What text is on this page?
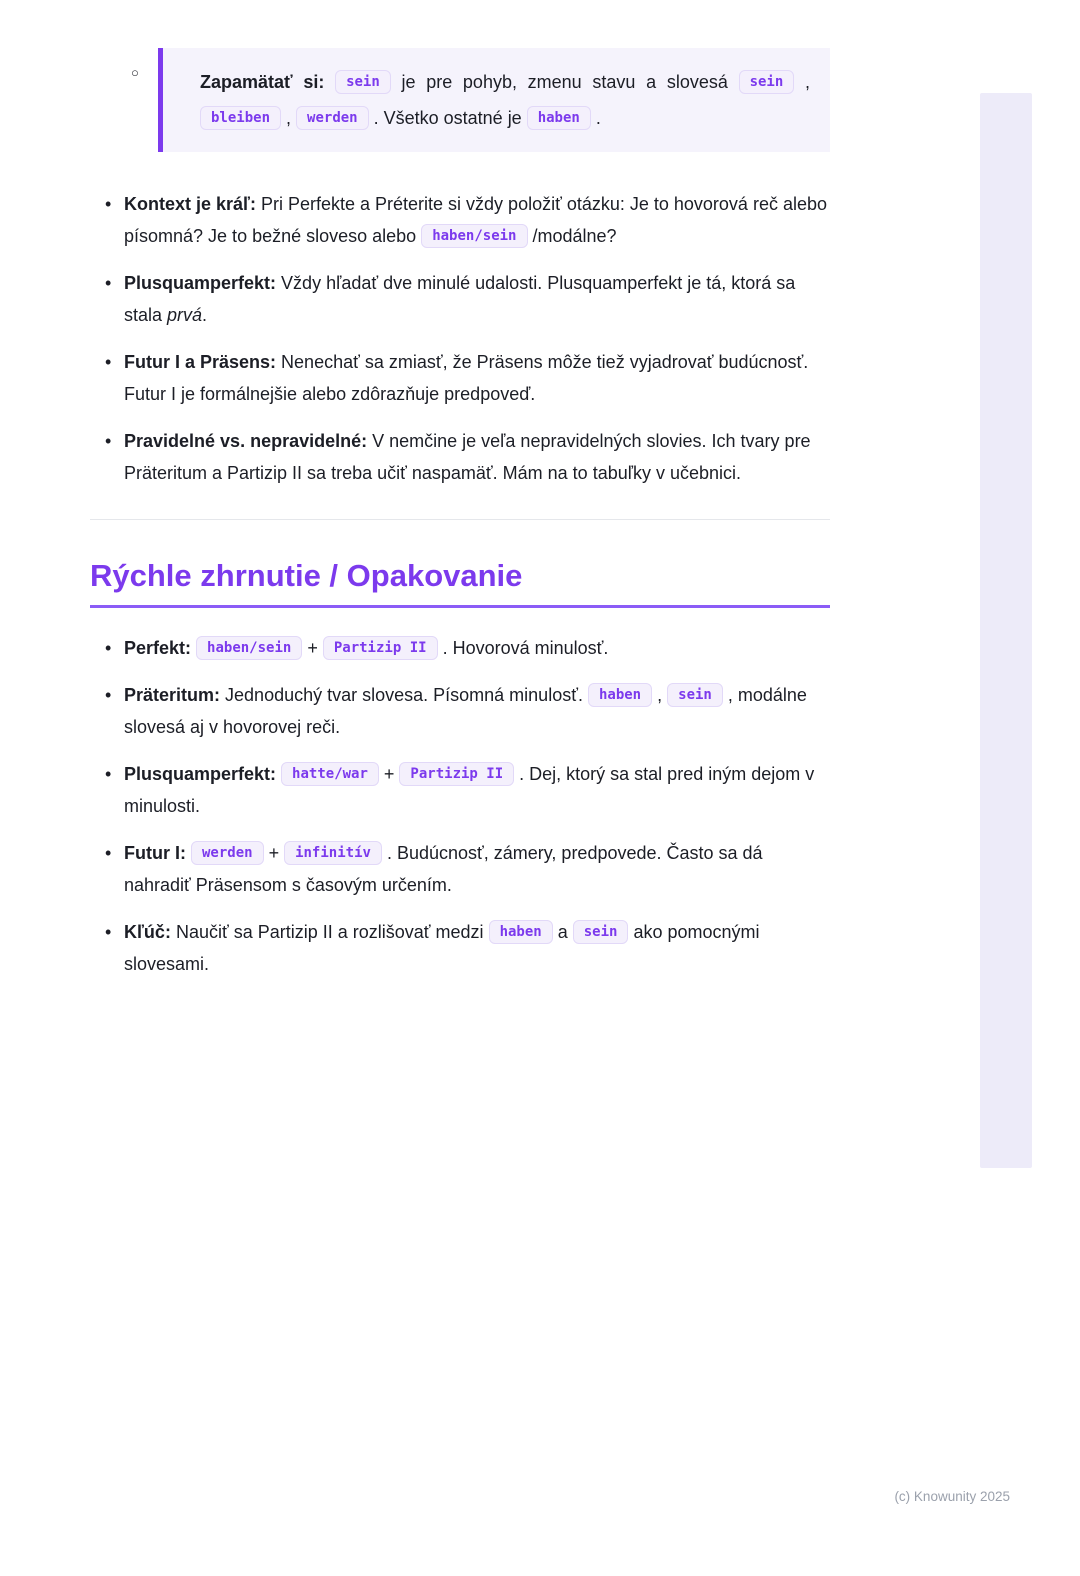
○	Zapamätať si: sein je pre pohyb, zmenu stavu a slovesá sein , bleiben , werden . Všetko ostatné je haben .

• Kontext je kráľ: Pri Perfekte a Préterite si vždy položiť otázku: Je to hovorová reč alebo písomná? Je to bežné sloveso alebo haben/sein /modálne?
• Plusquamperfekt: Vždy hľadať dve minulé udalosti. Plusquamperfekt je tá, ktorá sa stala prvá.
• Futur I a Präsens: Nenechať sa zmiasť, že Präsens môže tiež vyjadrovať budúcnosť. Futur I je formálnejšie alebo zdôrazňuje predpoveď.
• Pravidelné vs. nepravidelné: V nemčine je veľa nepravidelných slovies. Ich tvary pre Präteritum a Partizip II sa treba učiť naspamäť. Mám na to tabuľky v učebnici.
Rýchle zhrnutie / Opakovanie
• Perfekt: haben/sein + Partizip II . Hovorová minulosť.
• Präteritum: Jednoduchý tvar slovesa. Písomná minulosť. haben , sein , modálne slovesá aj v hovorovej reči.
• Plusquamperfekt: hatte/war + Partizip II . Dej, ktorý sa stal pred iným dejom v minulosti.
• Futur I: werden + infinitív . Budúcnosť, zámery, predpovede. Často sa dá nahradiť Präsensom s časovým určením.
• Kľúč: Naučiť sa Partizip II a rozlišovať medzi haben a sein ako pomocnými slovesami.
(c) Knowunity 2025
